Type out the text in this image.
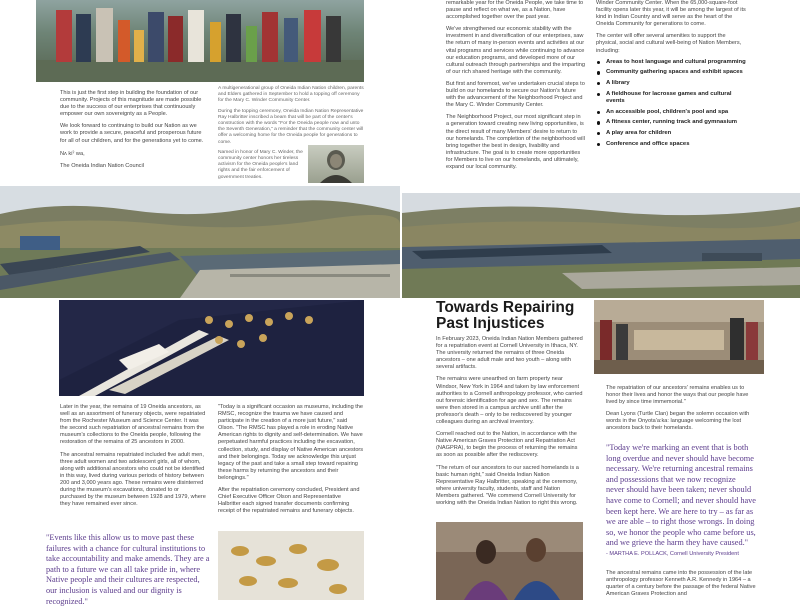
This is just the first step in building the foundation of our community. Projects of this magnitude are made possible due to the success of our enterprises that continuously empower our own sovereignty as a People.

We look forward to continuing to build our Nation as we work to provide a secure, peaceful and prosperous future for all of our children, and for the generations yet to come.

Nʌ kiˀ wa,

The Oneida Indian Nation Council

A multigenerational group of Oneida Indian Nation children, parents and Elders gathered in September to hold a topping off ceremony for the Mary C. Winder Community Center.

During the topping ceremony, Oneida Indian Nation Representative Ray Halbritter inscribed a beam that will be part of the center's construction with the words "For the Oneida people now and unto the Seventh Generation," a reminder that the community center will offer a welcoming home for the Oneida people for generations to come.

Named in honor of Mary C. Winder, the community center honors her tireless activism for the Oneida people's land rights and the fair enforcement of government treaties.

remarkable year for the Oneida People, we take time to pause and reflect on what we, as a Nation, have accomplished together over the past year.

We've strengthened our economic stability with the investment in and diversification of our enterprises, saw the return of many in-person events and activities at our vital programs and services while continuing to advance our education programs, and developed more of our cultural outreach through partnerships and the imparting of our rich shared heritage with the community.

But first and foremost, we've undertaken crucial steps to build on our homelands to secure our Nation's future with the advancement of the Neighborhood Project and the Mary C. Winder Community Center.

The Neighborhood Project, our most significant step in a generation toward creating new living opportunities, is the direct result of many Members' desire to return to our homelands. The completion of the neighborhood will bring together the best in design, livability and infrastructure. The goal is to create more opportunities for Members to live on our homelands, and ultimately, expand our local community.

Winder Community Center. When the 65,000-square-foot facility opens later this year, it will be among the largest of its kind in Indian Country and will serve as the heart of the Oneida Community for generations to come.

The center will offer several amenities to support the physical, social and cultural well-being of Nation Members, including:

Areas to host language and cultural programming
Community gathering spaces and exhibit spaces
A library
A fieldhouse for lacrosse games and cultural events
An accessible pool, children's pool and spa
A fitness center, running track and gymnasium
A play area for children
Conference and office spaces

Later in the year, the remains of 19 Oneida ancestors, as well as an assortment of funerary objects, were repatriated from the Rochester Museum and Science Center. It was the second such repatriation of ancestral remains from the museum's collections to the Oneida people, following the restoration of the remains of 25 ancestors in 2000.

The ancestral remains repatriated included five adult men, three adult women and two adolescent girls, all of whom, along with additional ancestors who could not be identified in this way, lived during various periods of history between 200 and 3,000 years ago. These remains were disinterred during the museum's excavations, donated to or purchased by the museum between 1928 and 1979, where they have remained ever since.

"Today is a significant occasion as museums, including the RMSC, recognize the trauma we have caused and participate in the creation of a more just future," said Olson. "The RMSC has played a role in eroding Native American rights to dignity and self-determination. We have perpetuated harmful practices including the excavation, collection, study, and display of Native American ancestors and their belongings. Today we acknowledge this unjust legacy of the past and take a small step toward repairing these harms by returning the ancestors and their belongings."

After the repatriation ceremony concluded, President and Chief Executive Officer Olson and Representative Halbritter each signed transfer documents confirming receipt of the repatriated remains and funerary objects.

"Events like this allow us to move past these failures with a chance for cultural institutions to take accountability and make amends. They are a path to a future we can all take pride in, where Native people and their cultures are respected, our inclusion is valued and our dignity is recognized."
Towards Repairing Past Injustices

In February 2023, Oneida Indian Nation Members gathered for a repatriation event at Cornell University in Ithaca, NY. The university returned the remains of three Oneida ancestors – one adult male and two youth – along with several artifacts.

The remains were unearthed on farm property near Windsor, New York in 1964 and taken by law enforcement authorities to a Cornell anthropology professor, who carried out forensic identification for age and sex. The remains were then stored in a campus archive until after the professor's death – only to be rediscovered by younger colleagues during an archival inventory.

Cornell reached out to the Nation, in accordance with the Native American Graves Protection and Repatriation Act (NAGPRA), to begin the process of returning the remains as soon as possible after the rediscovery.

"The return of our ancestors to our sacred homelands is a basic human right," said Oneida Indian Nation Representative Ray Halbritter, speaking at the ceremony, where university faculty, students, staff and Nation Members gathered. "We commend Cornell University for working with the Oneida Indian Nation to right this wrong.

The repatriation of our ancestors' remains enables us to honor their lives and honor the ways that our people have lived by since time immemorial."

Dean Lyons (Turtle Clan) began the solemn occasion with words in the Onyota'a:ka: language welcoming the lost ancestors back to their homelands.

"Today we're marking an event that is both long overdue and never should have become necessary. We're returning ancestral remains and possessions that we now recognize never should have been taken; never should have come to Cornell; and never should have been kept here. We are here to try – as far as we are able – to right those wrongs. In doing so, we honor the people who came before us, and we grieve the harm they have caused."
- MARTHA E. POLLACK, Cornell University President
The ancestral remains came into the possession of the late anthropology professor Kenneth A.R. Kennedy in 1964 – a quarter of a century before the passage of the federal Native American Graves Protection and
